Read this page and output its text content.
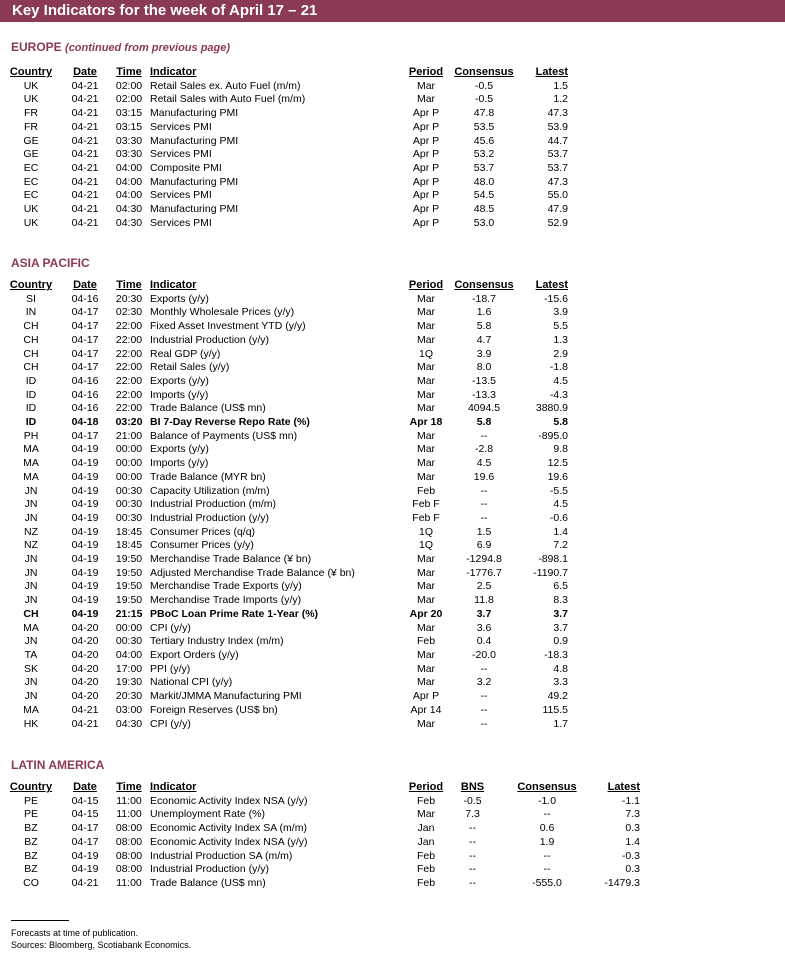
Key Indicators for the week of April 17 – 21
EUROPE (continued from previous page)
Country	Date	Time	Indicator	Period	Consensus	Latest
UK	04-21	02:00	Retail Sales ex. Auto Fuel (m/m)	Mar	-0.5	1.5
UK	04-21	02:00	Retail Sales with Auto Fuel (m/m)	Mar	-0.5	1.2
FR	04-21	03:15	Manufacturing PMI	Apr P	47.8	47.3
FR	04-21	03:15	Services PMI	Apr P	53.5	53.9
GE	04-21	03:30	Manufacturing PMI	Apr P	45.6	44.7
GE	04-21	03:30	Services PMI	Apr P	53.2	53.7
EC	04-21	04:00	Composite PMI	Apr P	53.7	53.7
EC	04-21	04:00	Manufacturing PMI	Apr P	48.0	47.3
EC	04-21	04:00	Services PMI	Apr P	54.5	55.0
UK	04-21	04:30	Manufacturing PMI	Apr P	48.5	47.9
UK	04-21	04:30	Services PMI	Apr P	53.0	52.9
ASIA PACIFIC
Country	Date	Time	Indicator	Period	Consensus	Latest
SI	04-16	20:30	Exports (y/y)	Mar	-18.7	-15.6
IN	04-17	02:30	Monthly Wholesale Prices (y/y)	Mar	1.6	3.9
CH	04-17	22:00	Fixed Asset Investment YTD (y/y)	Mar	5.8	5.5
CH	04-17	22:00	Industrial Production (y/y)	Mar	4.7	1.3
CH	04-17	22:00	Real GDP (y/y)	1Q	3.9	2.9
CH	04-17	22:00	Retail Sales (y/y)	Mar	8.0	-1.8
ID	04-16	22:00	Exports (y/y)	Mar	-13.5	4.5
ID	04-16	22:00	Imports (y/y)	Mar	-13.3	-4.3
ID	04-16	22:00	Trade Balance (US$ mn)	Mar	4094.5	3880.9
ID	04-18	03:20	BI 7-Day Reverse Repo Rate (%)	Apr 18	5.8	5.8
PH	04-17	21:00	Balance of Payments (US$ mn)	Mar	--	-895.0
MA	04-19	00:00	Exports (y/y)	Mar	-2.8	9.8
MA	04-19	00:00	Imports (y/y)	Mar	4.5	12.5
MA	04-19	00:00	Trade Balance (MYR bn)	Mar	19.6	19.6
JN	04-19	00:30	Capacity Utilization (m/m)	Feb	--	-5.5
JN	04-19	00:30	Industrial Production (m/m)	Feb F	--	4.5
JN	04-19	00:30	Industrial Production (y/y)	Feb F	--	-0.6
NZ	04-19	18:45	Consumer Prices (q/q)	1Q	1.5	1.4
NZ	04-19	18:45	Consumer Prices (y/y)	1Q	6.9	7.2
JN	04-19	19:50	Merchandise Trade Balance (¥ bn)	Mar	-1294.8	-898.1
JN	04-19	19:50	Adjusted Merchandise Trade Balance (¥ bn)	Mar	-1776.7	-1190.7
JN	04-19	19:50	Merchandise Trade Exports (y/y)	Mar	2.5	6.5
JN	04-19	19:50	Merchandise Trade Imports (y/y)	Mar	11.8	8.3
CH	04-19	21:15	PBoC Loan Prime Rate 1-Year (%)	Apr 20	3.7	3.7
MA	04-20	00:00	CPI (y/y)	Mar	3.6	3.7
JN	04-20	00:30	Tertiary Industry Index (m/m)	Feb	0.4	0.9
TA	04-20	04:00	Export Orders (y/y)	Mar	-20.0	-18.3
SK	04-20	17:00	PPI (y/y)	Mar	--	4.8
JN	04-20	19:30	National CPI (y/y)	Mar	3.2	3.3
JN	04-20	20:30	Markit/JMMA Manufacturing PMI	Apr P	--	49.2
MA	04-21	03:00	Foreign Reserves (US$ bn)	Apr 14	--	115.5
HK	04-21	04:30	CPI (y/y)	Mar	--	1.7
LATIN AMERICA
Country	Date	Time	Indicator	Period	BNS	Consensus	Latest
PE	04-15	11:00	Economic Activity Index NSA (y/y)	Feb	-0.5	-1.0	-1.1
PE	04-15	11:00	Unemployment Rate (%)	Mar	7.3	--	7.3
BZ	04-17	08:00	Economic Activity Index SA (m/m)	Jan	--	0.6	0.3
BZ	04-17	08:00	Economic Activity Index NSA (y/y)	Jan	--	1.9	1.4
BZ	04-19	08:00	Industrial Production SA (m/m)	Feb	--	--	-0.3
BZ	04-19	08:00	Industrial Production (y/y)	Feb	--	--	0.3
CO	04-21	11:00	Trade Balance (US$ mn)	Feb	--	-555.0	-1479.3
Forecasts at time of publication.
Sources: Bloomberg, Scotiabank Economics.
